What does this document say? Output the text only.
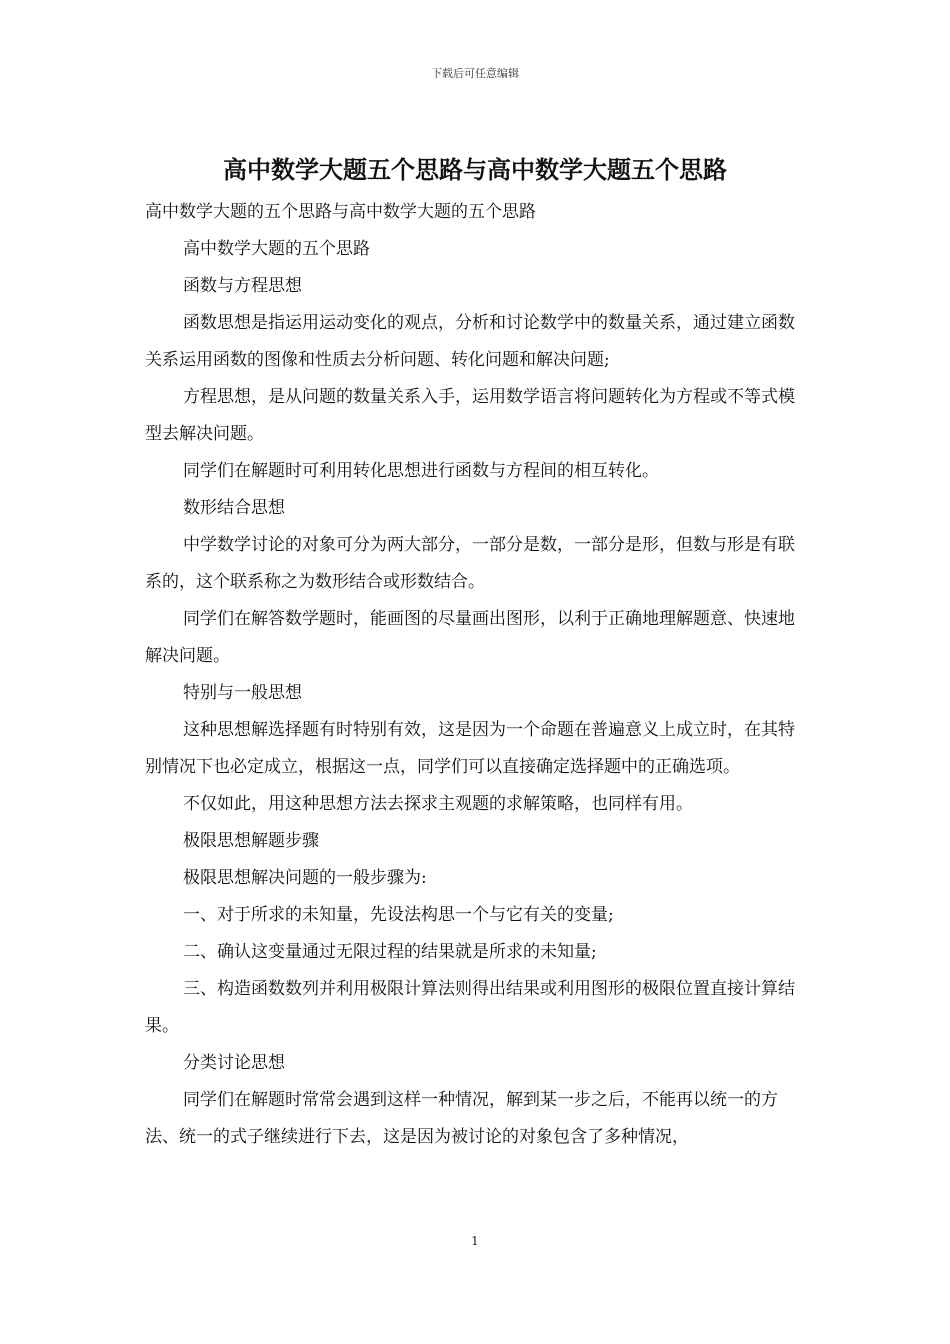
下载后可任意编辑
高中数学大题五个思路与高中数学大题五个思路

高中数学大题的五个思路与高中数学大题的五个思路

高中数学大题的五个思路

函数与方程思想

函数思想是指运用运动变化的观点，分析和讨论数学中的数量关系，通过建立函数关系运用函数的图像和性质去分析问题、转化问题和解决问题;

方程思想，是从问题的数量关系入手，运用数学语言将问题转化为方程或不等式模型去解决问题。

同学们在解题时可利用转化思想进行函数与方程间的相互转化。

数形结合思想

中学数学讨论的对象可分为两大部分，一部分是数，一部分是形，但数与形是有联系的，这个联系称之为数形结合或形数结合。

同学们在解答数学题时，能画图的尽量画出图形，以利于正确地理解题意、快速地解决问题。

特别与一般思想

这种思想解选择题有时特别有效，这是因为一个命题在普遍意义上成立时，在其特别情况下也必定成立，根据这一点，同学们可以直接确定选择题中的正确选项。

不仅如此，用这种思想方法去探求主观题的求解策略，也同样有用。

极限思想解题步骤

极限思想解决问题的一般步骤为:

一、对于所求的未知量，先设法构思一个与它有关的变量;

二、确认这变量通过无限过程的结果就是所求的未知量;

三、构造函数数列并利用极限计算法则得出结果或利用图形的极限位置直接计算结果。

分类讨论思想

同学们在解题时常常会遇到这样一种情况，解到某一步之后，不能再以统一的方法、统一的式子继续进行下去，这是因为被讨论的对象包含了多种情况，

1
